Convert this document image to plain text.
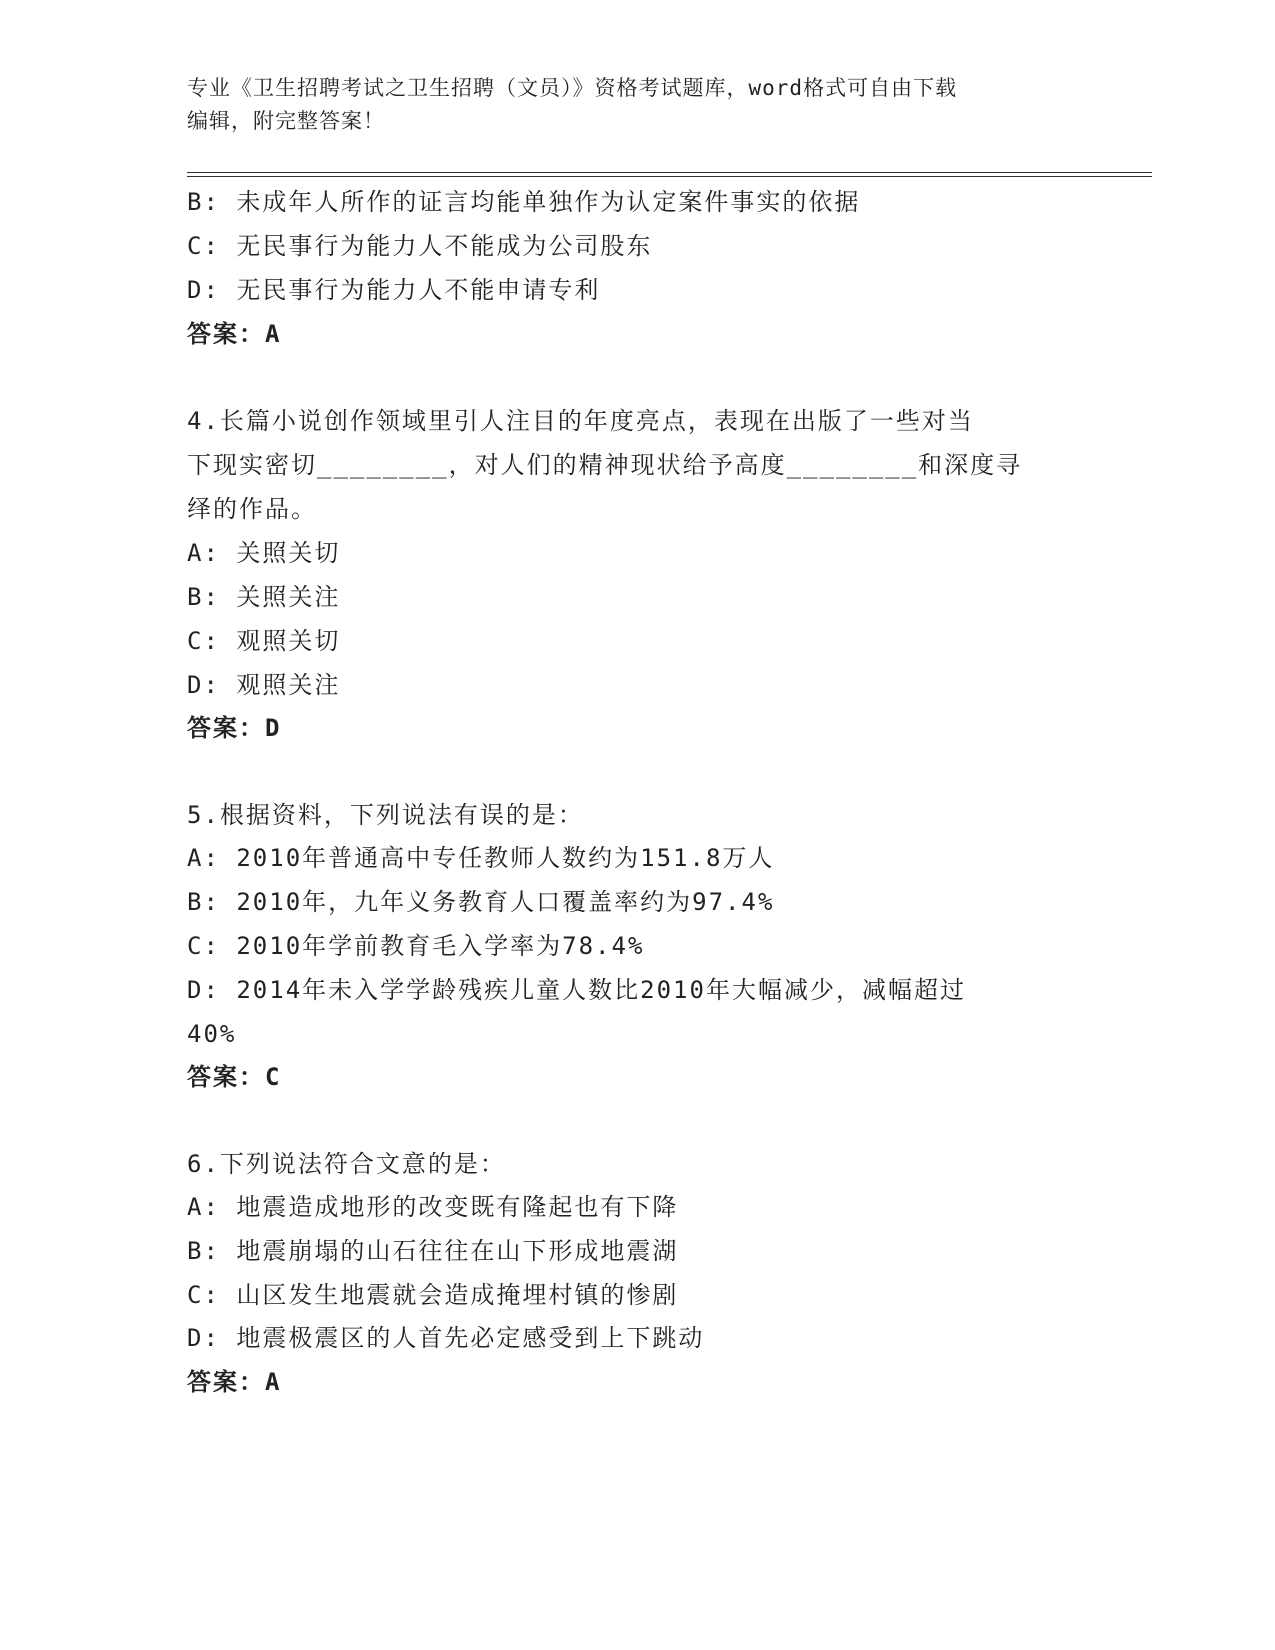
专业《卫生招聘考试之卫生招聘（文员）》资格考试题库，word格式可自由下载
编辑，附完整答案！
B: 未成年人所作的证言均能单独作为认定案件事实的依据
C: 无民事行为能力人不能成为公司股东
D: 无民事行为能力人不能申请专利
答案：A
4.长篇小说创作领域里引人注目的年度亮点，表现在出版了一些对当
下现实密切________，对人们的精神现状给予高度________和深度寻
绎的作品。
A: 关照关切
B: 关照关注
C: 观照关切
D: 观照关注
答案：D
5.根据资料，下列说法有误的是：
A: 2010年普通高中专任教师人数约为151.8万人
B: 2010年，九年义务教育人口覆盖率约为97.4%
C: 2010年学前教育毛入学率为78.4%
D: 2014年未入学学龄残疾儿童人数比2010年大幅减少，减幅超过
40%
答案：C
6.下列说法符合文意的是：
A: 地震造成地形的改变既有隆起也有下降
B: 地震崩塌的山石往往在山下形成地震湖
C: 山区发生地震就会造成掩埋村镇的惨剧
D: 地震极震区的人首先必定感受到上下跳动
答案：A
